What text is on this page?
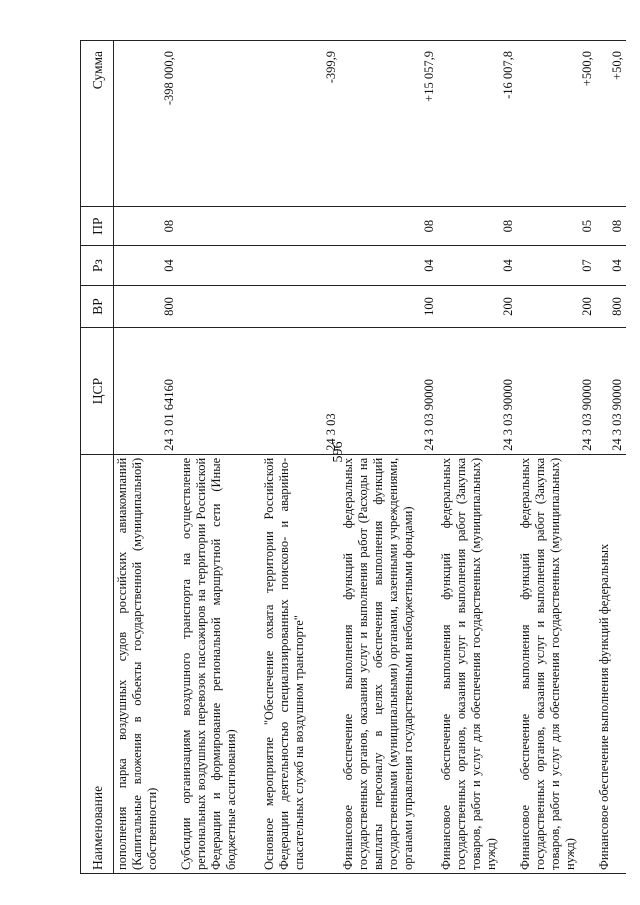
596
Наименование	ЦСР	ВР	Рз	ПР	Сумма
пополнения парка воздушных судов российских авиакомпаний (Капитальные вложения в объекты государственной (муниципальной) собственности)	24 3 01 64160	800	04	08	-398 000,0
Субсидии организациям воздушного транспорта на осуществление региональных воздушных перевозок пассажиров на территории Российской Федерации и формирование региональной маршрутной сети (Иные бюджетные ассигнования)					
Основное мероприятие "Обеспечение охвата территории Российской Федерации деятельностью специализированных поисково- и аварийно-спасательных служб на воздушном транспорте"	24 3 03				-399,9
Финансовое обеспечение выполнения функций федеральных государственных органов, оказания услуг и выполнения работ (Расходы на выплаты персоналу в целях обеспечения выполнения функций государственными (муниципальными) органами, казенными учреждениями, органами управления государственными внебюджетными фондами)	24 3 03 90000	100	04	08	+15 057,9
Финансовое обеспечение выполнения функций федеральных государственных органов, оказания услуг и выполнения работ (Закупка товаров, работ и услуг для обеспечения государственных (муниципальных) нужд)	24 3 03 90000	200	04	08	-16 007,8
Финансовое обеспечение выполнения функций федеральных государственных органов, оказания услуг и выполнения работ (Закупка товаров, работ и услуг для обеспечения государственных (муниципальных) нужд)	24 3 03 90000	200	07	05	+500,0
Финансовое обеспечение выполнения функций федеральных	24 3 03 90000	800	04	08	+50,0
